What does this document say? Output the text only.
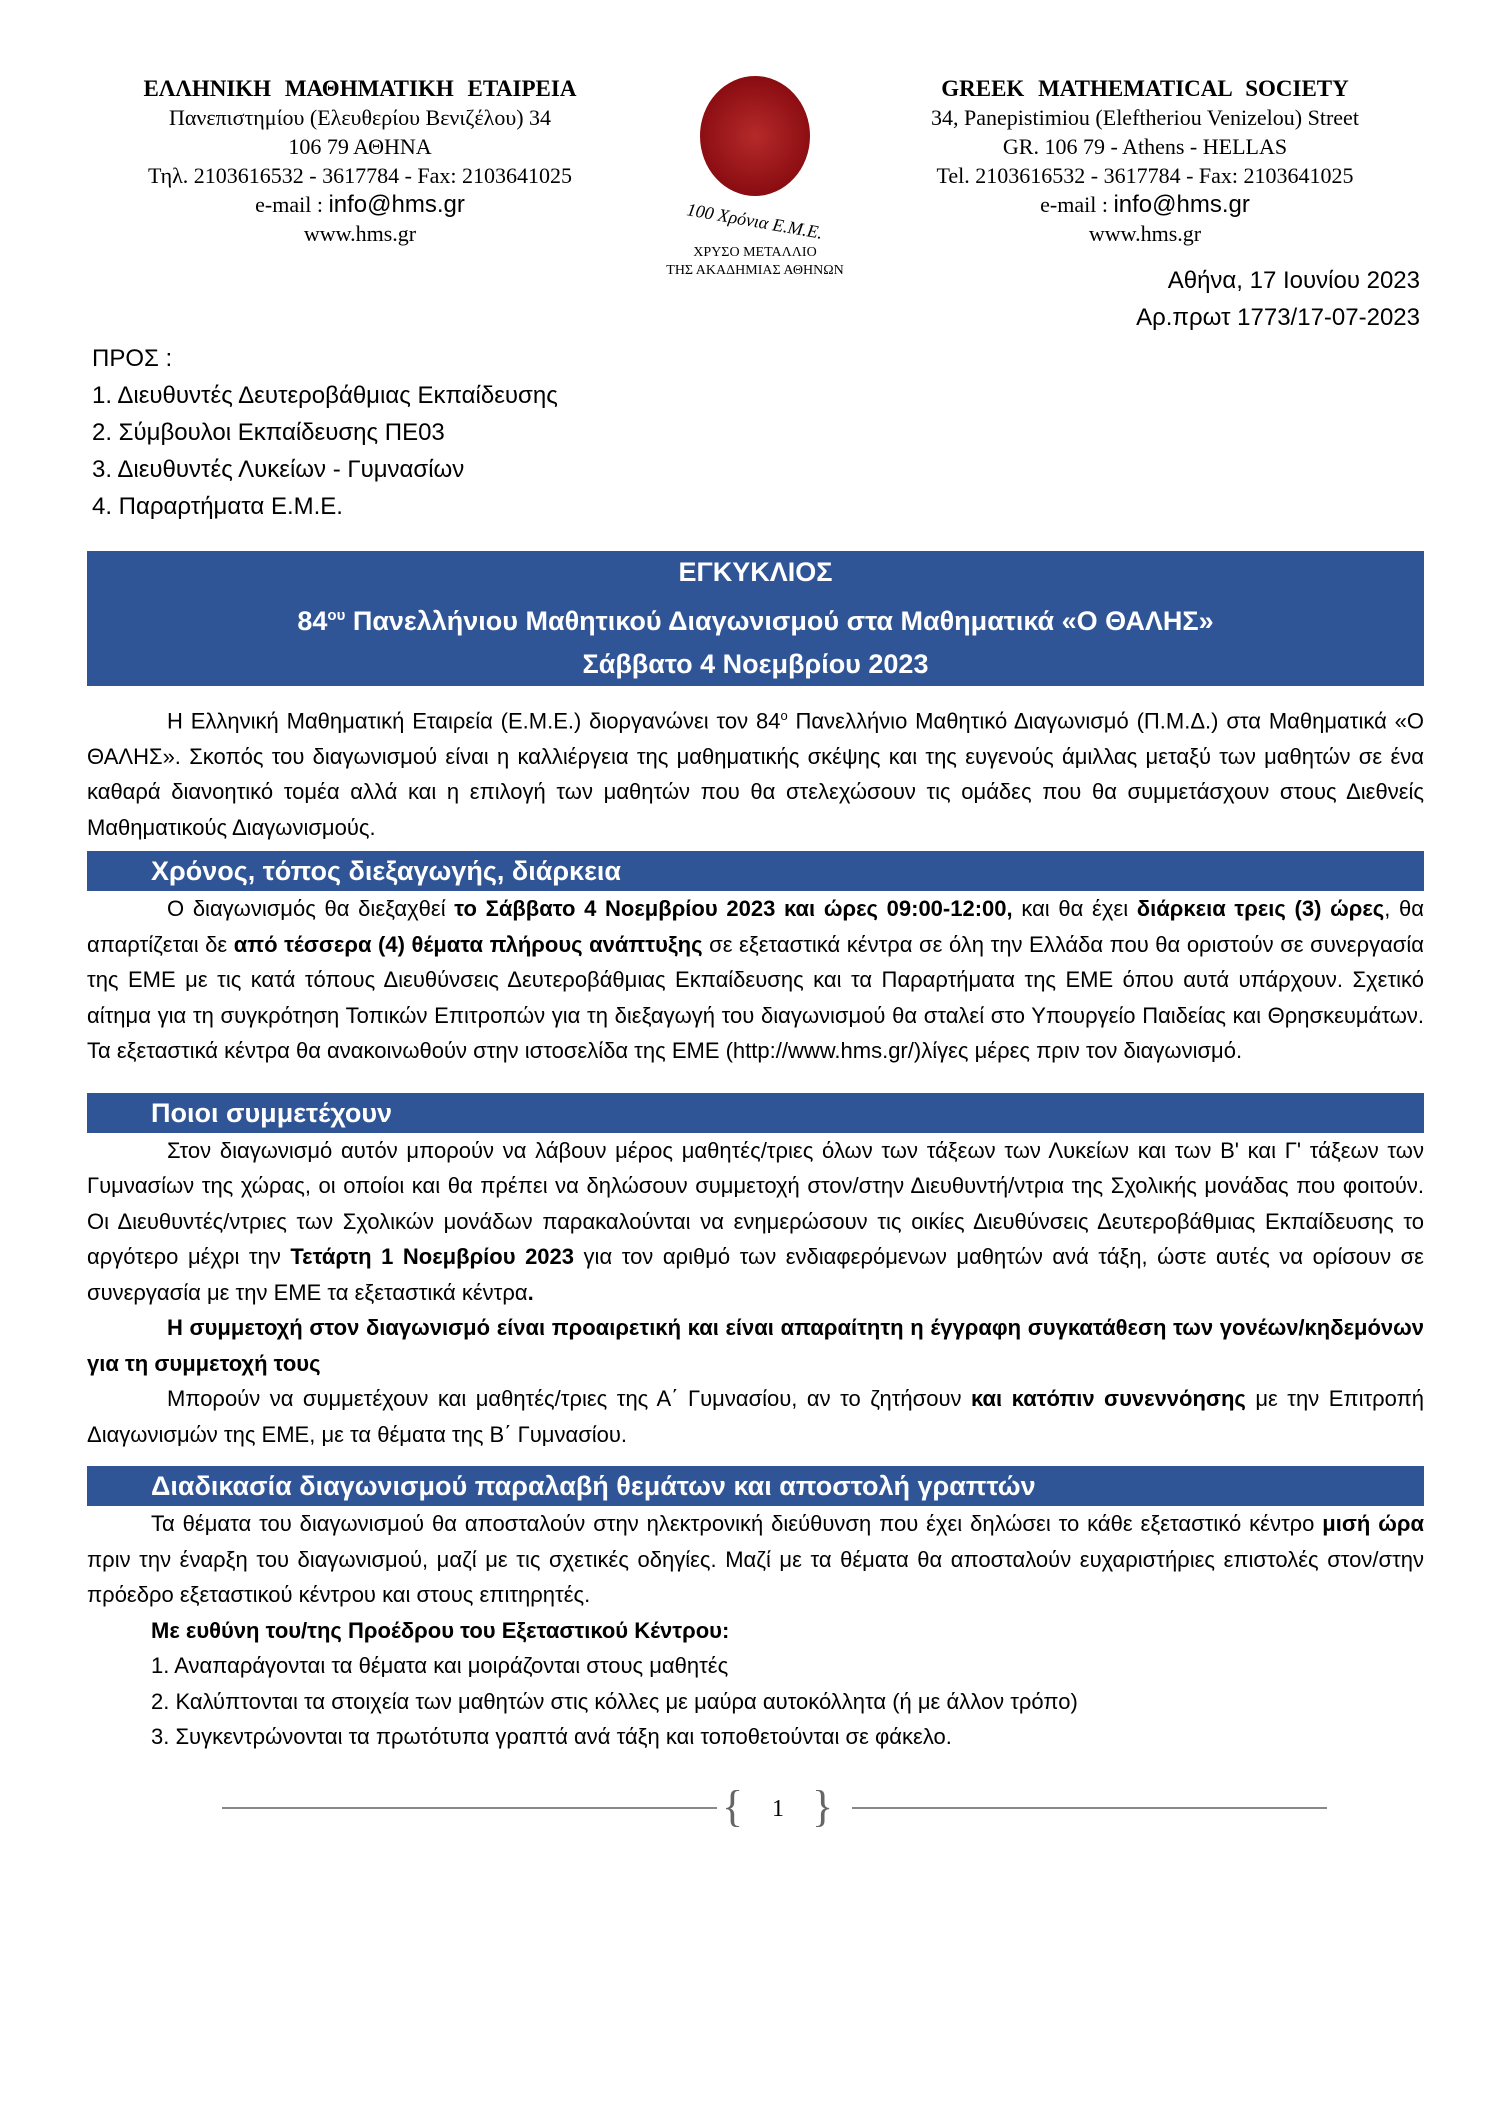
ΕΛΛΗΝΙΚΗ ΜΑΘΗΜΑΤΙΚΗ ΕΤΑΙΡΕΙΑ
Πανεπιστημίου (Ελευθερίου Βενιζέλου) 34
106 79 ΑΘΗΝΑ
Τηλ. 2103616532 - 3617784 - Fax: 2103641025
e-mail : info@hms.gr
www.hms.gr	100 Χρόνια Ε.Μ.Ε.
ΧΡΥΣΟ ΜΕΤΑΛΛΙΟ
ΤΗΣ ΑΚΑΔΗΜΙΑΣ ΑΘΗΝΩΝ
GREEK MATHEMATICAL SOCIETY
34, Panepistimiou (Eleftheriou Venizelou) Street
GR. 106 79 - Athens - HELLAS
Tel. 2103616532 - 3617784 - Fax: 2103641025
e-mail : info@hms.gr
www.hms.gr
Αθήνα, 17 Ιουνίου 2023
Αρ.πρωτ 1773/17-07-2023
ΠΡΟΣ :
1. Διευθυντές Δευτεροβάθμιας Εκπαίδευσης
2. Σύμβουλοι Εκπαίδευσης ΠΕ03
3. Διευθυντές Λυκείων - Γυμνασίων
4. Παραρτήματα Ε.Μ.Ε.
ΕΓΚΥΚΛΙΟΣ
$84^{o\upsilon}$ Πανελλήνιου Μαθητικού Διαγωνισμού στα Μαθηματικά «Ο ΘΑΛΗΣ»
Σάββατο 4 Νοεμβρίου 2023

Η Ελληνική Μαθηματική Εταιρεία (Ε.Μ.Ε.) διοργανώνει τον $84^o$ Πανελλήνιο Μαθητικό Διαγωνισμό (Π.Μ.Δ.) στα Μαθηματικά «Ο ΘΑΛΗΣ». Σκοπός του διαγωνισμού είναι η καλλιέργεια της μαθηματικής σκέψης και της ευγενούς άμιλλας μεταξύ των μαθητών σε ένα καθαρά διανοητικό τομέα αλλά και η επιλογή των μαθητών που θα στελεχώσουν τις ομάδες που θα συμμετάσχουν στους Διεθνείς Μαθηματικούς Διαγωνισμούς.

Χρόνος, τόπος διεξαγωγής, διάρκεια

Ο διαγωνισμός θα διεξαχθεί το Σάββατο 4 Νοεμβρίου 2023 και ώρες 09:00-12:00, και θα έχει διάρκεια τρεις (3) ώρες, θα απαρτίζεται δε από τέσσερα (4) θέματα πλήρους ανάπτυξης σε εξεταστικά κέντρα σε όλη την Ελλάδα που θα οριστούν σε συνεργασία της ΕΜΕ με τις κατά τόπους Διευθύνσεις Δευτεροβάθμιας Εκπαίδευσης και τα Παραρτήματα της ΕΜΕ όπου αυτά υπάρχουν. Σχετικό αίτημα για τη συγκρότηση Τοπικών Επιτροπών για τη διεξαγωγή του διαγωνισμού θα σταλεί στο Υπουργείο Παιδείας και Θρησκευμάτων. Τα εξεταστικά κέντρα θα ανακοινωθούν στην ιστοσελίδα της ΕΜΕ (http://www.hms.gr/)λίγες μέρες πριν τον διαγωνισμό.

Ποιοι συμμετέχουν

Στον διαγωνισμό αυτόν μπορούν να λάβουν μέρος μαθητές/τριες όλων των τάξεων των Λυκείων και των Β' και Γ' τάξεων των Γυμνασίων της χώρας, οι οποίοι και θα πρέπει να δηλώσουν συμμετοχή στον/στην Διευθυντή/ντρια της Σχολικής μονάδας που φοιτούν. Οι Διευθυντές/ντριες των Σχολικών μονάδων παρακαλούνται να ενημερώσουν τις οικίες Διευθύνσεις Δευτεροβάθμιας Εκπαίδευσης το αργότερο μέχρι την Τετάρτη 1 Νοεμβρίου 2023 για τον αριθμό των ενδιαφερόμενων μαθητών ανά τάξη, ώστε αυτές να ορίσουν σε συνεργασία με την ΕΜΕ τα εξεταστικά κέντρα.

Η συμμετοχή στον διαγωνισμό είναι προαιρετική και είναι απαραίτητη η έγγραφη συγκατάθεση των γονέων/κηδεμόνων για τη συμμετοχή τους

Μπορούν να συμμετέχουν και μαθητές/τριες της Α΄ Γυμνασίου, αν το ζητήσουν και κατόπιν συνεννόησης με την Επιτροπή Διαγωνισμών της ΕΜΕ, με τα θέματα της Β΄ Γυμνασίου.

Διαδικασία διαγωνισμού παραλαβή θεμάτων και αποστολή γραπτών

Τα θέματα του διαγωνισμού θα αποσταλούν στην ηλεκτρονική διεύθυνση που έχει δηλώσει το κάθε εξεταστικό κέντρο μισή ώρα πριν την έναρξη του διαγωνισμού, μαζί με τις σχετικές οδηγίες. Μαζί με τα θέματα θα αποσταλούν ευχαριστήριες επιστολές στον/στην πρόεδρο εξεταστικού κέντρου και στους επιτηρητές.

Με ευθύνη του/της Προέδρου του Εξεταστικού Κέντρου:
1. Αναπαράγονται τα θέματα και μοιράζονται στους μαθητές
2. Καλύπτονται τα στοιχεία των μαθητών στις κόλλες με μαύρα αυτοκόλλητα (ή με άλλον τρόπο)
3. Συγκεντρώνονται τα πρωτότυπα γραπτά ανά τάξη και τοποθετούνται σε φάκελο.
{ 1 }
